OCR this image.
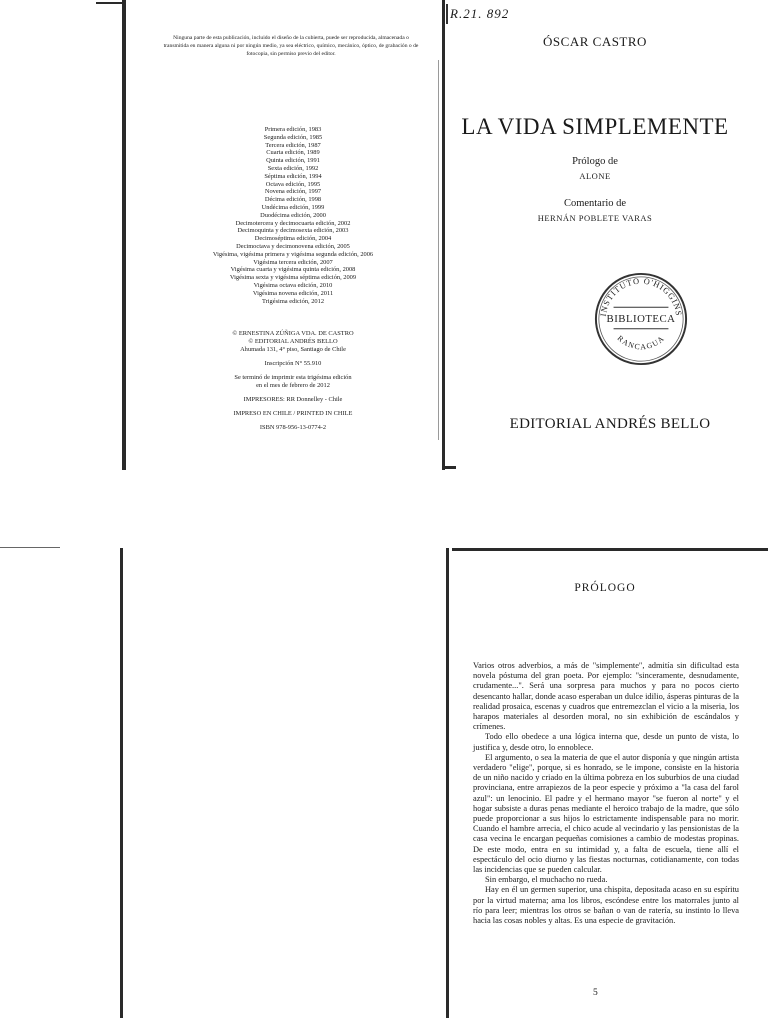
Ninguna parte de esta publicación, incluido el diseño de la cubierta, puede ser reproducida, almacenada o transmitida en manera alguna ni por ningún medio, ya sea eléctrico, químico, mecánico, óptico, de grabación o de fotocopia, sin permiso previo del editor.
Primera edición, 1983
Segunda edición, 1985
Tercera edición, 1987
Cuarta edición, 1989
Quinta edición, 1991
Sexta edición, 1992
Séptima edición, 1994
Octava edición, 1995
Novena edición, 1997
Décima edición, 1998
Undécima edición, 1999
Duodécima edición, 2000
Decimotercera y decimocuarta edición, 2002
Decimoquinta y decimosexta edición, 2003
Decimoséptima edición, 2004
Decimoctava y decimonovena edición, 2005
Vigésima, vigésima primera y vigésima segunda edición, 2006
Vigésima tercera edición, 2007
Vigésima cuarta y vigésima quinta edición, 2008
Vigésima sexta y vigésima séptima edición, 2009
Vigésima octava edición, 2010
Vigésima novena edición, 2011
Trigésima edición, 2012
© ERNESTINA ZÚÑIGA VDA. DE CASTRO
© EDITORIAL ANDRÉS BELLO
Ahumada 131, 4° piso, Santiago de Chile
Inscripción N° 55.910
Se terminó de imprimir esta trigésima edición
en el mes de febrero de 2012
IMPRESORES: RR Donnelley - Chile
IMPRESO EN CHILE / PRINTED IN CHILE
ISBN 978-956-13-0774-2
R.21. 892
ÓSCAR CASTRO
LA VIDA SIMPLEMENTE
Prólogo de
ALONE
Comentario de
HERNÁN POBLETE VARAS
INSTITUTO O'HIGGINS
BIBLIOTECA
RANCAGUA
EDITORIAL ANDRÉS BELLO
PRÓLOGO

Varios otros adverbios, a más de "simplemente", admitía sin dificultad esta novela póstuma del gran poeta. Por ejemplo: "sinceramente, desnudamente, crudamente...". Será una sorpresa para muchos y para no pocos cierto desencanto hallar, donde acaso esperaban un dulce idilio, ásperas pinturas de la realidad prosaica, escenas y cuadros que entremezclan el vicio a la miseria, los harapos materiales al desorden moral, no sin exhibición de escándalos y crímenes.

Todo ello obedece a una lógica interna que, desde un punto de vista, lo justifica y, desde otro, lo ennoblece.

El argumento, o sea la materia de que el autor disponía y que ningún artista verdadero "elige", porque, si es honrado, se le impone, consiste en la historia de un niño nacido y criado en la última pobreza en los suburbios de una ciudad provinciana, entre arrapiezos de la peor especie y próximo a "la casa del farol azul": un lenocinio. El padre y el hermano mayor "se fueron al norte" y el hogar subsiste a duras penas mediante el heroico trabajo de la madre, que sólo puede proporcionar a sus hijos lo estrictamente indispensable para no morir. Cuando el hambre arrecia, el chico acude al vecindario y las pensionistas de la casa vecina le encargan pequeñas comisiones a cambio de modestas propinas. De este modo, entra en su intimidad y, a falta de escuela, tiene allí el espectáculo del ocio diurno y las fiestas nocturnas, cotidianamente, con todas las incidencias que se pueden calcular.

Sin embargo, el muchacho no rueda.

Hay en él un germen superior, una chispita, depositada acaso en su espíritu por la virtud materna; ama los libros, escóndese entre los matorrales junto al río para leer; mientras los otros se bañan o van de ratería, su instinto lo lleva hacia las cosas nobles y altas. Es una especie de gravitación.

5
